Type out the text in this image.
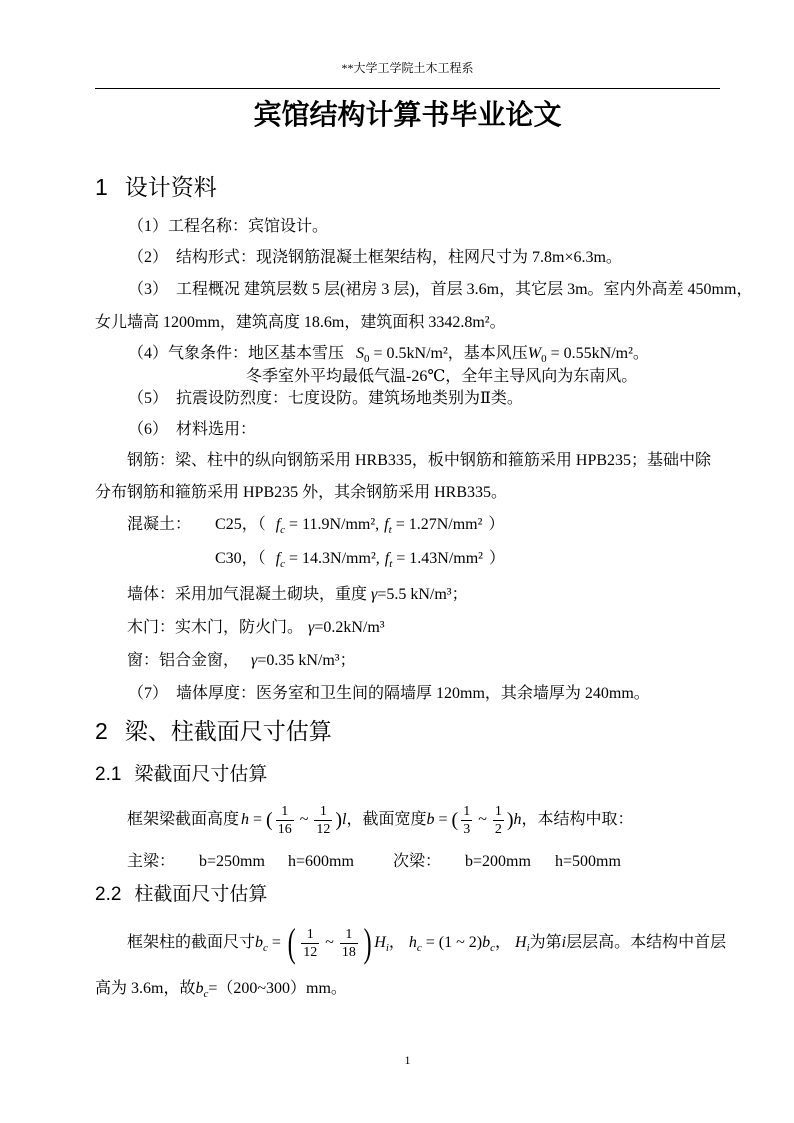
**大学工学院土木工程系
宾馆结构计算书毕业论文
1 设计资料
（1）工程名称：宾馆设计。
（2）  结构形式：现浇钢筋混凝土框架结构，柱网尺寸为 7.8m×6.3m。
（3）  工程概况 建筑层数 5 层(裙房 3 层)，首层 3.6m，其它层 3m。室内外高差 450mm，
女儿墙高 1200mm，建筑高度 18.6m，建筑面积 3342.8m²。
（4）气象条件：地区基本雪压 S 0 = 0.5kN/m² ，基本风压 W 0 = 0.55kN/m² 。
冬季室外平均最低气温-26℃，全年主导风向为东南风。
（5）  抗震设防烈度：七度设防。建筑场地类别为Ⅱ类。
（6）  材料选用：
钢筋：梁、柱中的纵向钢筋采用 HRB335，板中钢筋和箍筋采用 HPB235；基础中除
分布钢筋和箍筋采用 HPB235 外，其余钢筋采用 HRB335。
混凝土： C25，（ f c = 11.9N/mm², f t = 1.27N/mm² ）
C30，（ f c = 14.3N/mm², f t = 1.43N/mm² ）
墙体：采用加气混凝土砌块，重度 γ =5.5 kN/m³；
木门：实木门，防火门。 γ =0.2kN/m³
窗：铝合金窗， γ =0.35 kN/m³；
（7）  墙体厚度：医务室和卫生间的隔墙厚 120mm，其余墙厚为 240mm。
2 梁、柱截面尺寸估算
2.1 梁截面尺寸估算
框架梁截面高度 h = ( $\frac{1}{16}$ ~ $\frac{1}{12}$ ) l ，截面宽度 b = ( $\frac{1}{3}$ ~ $\frac{1}{2}$ ) h ，本结构中取：

主梁：

b=250mm

h=600mm

次梁：

b=200mm

h=500mm

2.2 柱截面尺寸估算
框架柱的截面尺寸 b c = ( $\frac{1}{12}$ ~ $\frac{1}{18}$ ) H i ， h c = (1 ~ 2) b c ， H i 为第 i 层层高。本结构中首层
高为 3.6m，故 b c =（200~300）mm。
1
